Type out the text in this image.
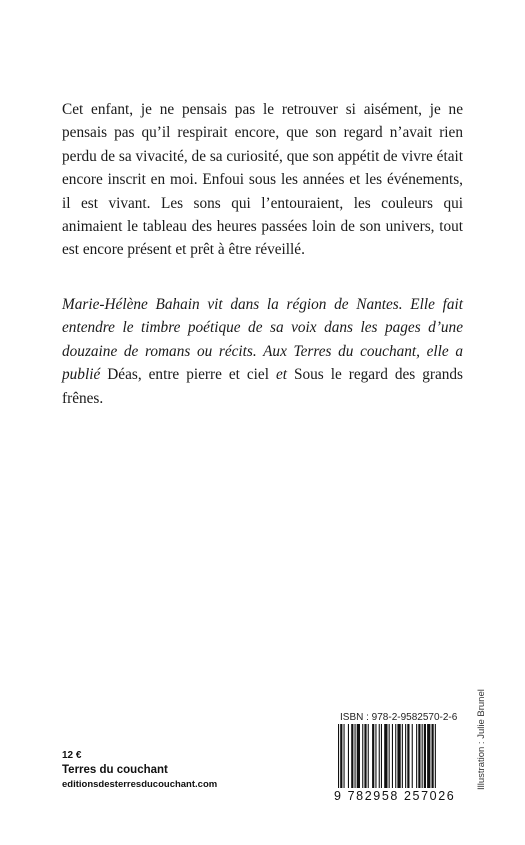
Cet enfant, je ne pensais pas le retrouver si aisément, je ne pensais pas qu’il respirait encore, que son regard n’avait rien perdu de sa vivacité, de sa curiosité, que son appétit de vivre était encore inscrit en moi. Enfoui sous les années et les événements, il est vivant. Les sons qui l’entouraient, les couleurs qui animaient le tableau des heures passées loin de son univers, tout est encore présent et prêt à être réveillé.

Marie-Hélène Bahain vit dans la région de Nantes. Elle fait entendre le timbre poétique de sa voix dans les pages d’une douzaine de romans ou récits. Aux Terres du couchant, elle a publié Déas, entre pierre et ciel et Sous le regard des grands frênes.

12 €
Terres du couchant
editionsdesterresducouchant.com
ISBN : 978-2-9582570-2-6
9 782958 257026
Illustration : Julie Brunel
